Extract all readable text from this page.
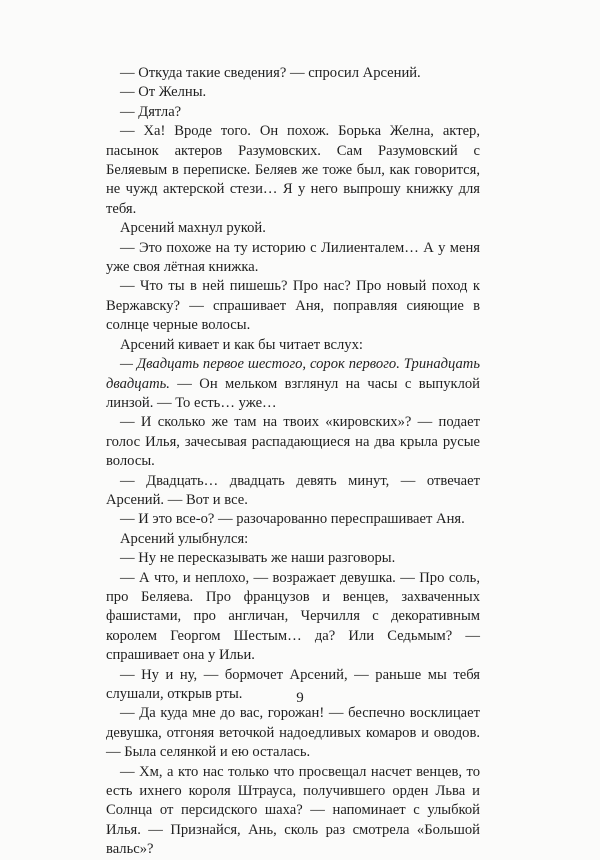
— Откуда такие сведения? — спросил Арсений.

— От Желны.

— Дятла?

— Ха! Вроде того. Он похож. Борька Желна, актер, пасынок актеров Разумовских. Сам Разумовский с Беляевым в переписке. Беляев же тоже был, как говорится, не чужд актерской стези… Я у него выпрошу книжку для тебя.

Арсений махнул рукой.

— Это похоже на ту историю с Лилиенталем… А у меня уже своя лётная книжка.

— Что ты в ней пишешь? Про нас? Про новый поход к Вержавску? — спрашивает Аня, поправляя сияющие в солнце черные волосы.

Арсений кивает и как бы читает вслух:

— Двадцать первое шестого, сорок первого. Тринадцать двадцать. — Он мельком взглянул на часы с выпуклой линзой. — То есть… уже…

— И сколько же там на твоих «кировских»? — подает голос Илья, зачесывая распадающиеся на два крыла русые волосы.

— Двадцать… двадцать девять минут, — отвечает Арсений. — Вот и все.

— И это все-о? — разочарованно переспрашивает Аня.

Арсений улыбнулся:

— Ну не пересказывать же наши разговоры.

— А что, и неплохо, — возражает девушка. — Про соль, про Беляева. Про французов и венцев, захваченных фашистами, про англичан, Черчилля с декоративным королем Георгом Шестым… да? Или Седьмым? — спрашивает она у Ильи.

— Ну и ну, — бормочет Арсений, — раньше мы тебя слушали, открыв рты.

— Да куда мне до вас, горожан! — беспечно восклицает девушка, отгоняя веточкой надоедливых комаров и оводов. — Была селянкой и ею осталась.

— Хм, а кто нас только что просвещал насчет венцев, то есть ихнего короля Штрауса, получившего орден Льва и Солнца от персидского шаха? — напоминает с улыбкой Илья. — Признайся, Ань, сколь раз смотрела «Большой вальс»?

9
